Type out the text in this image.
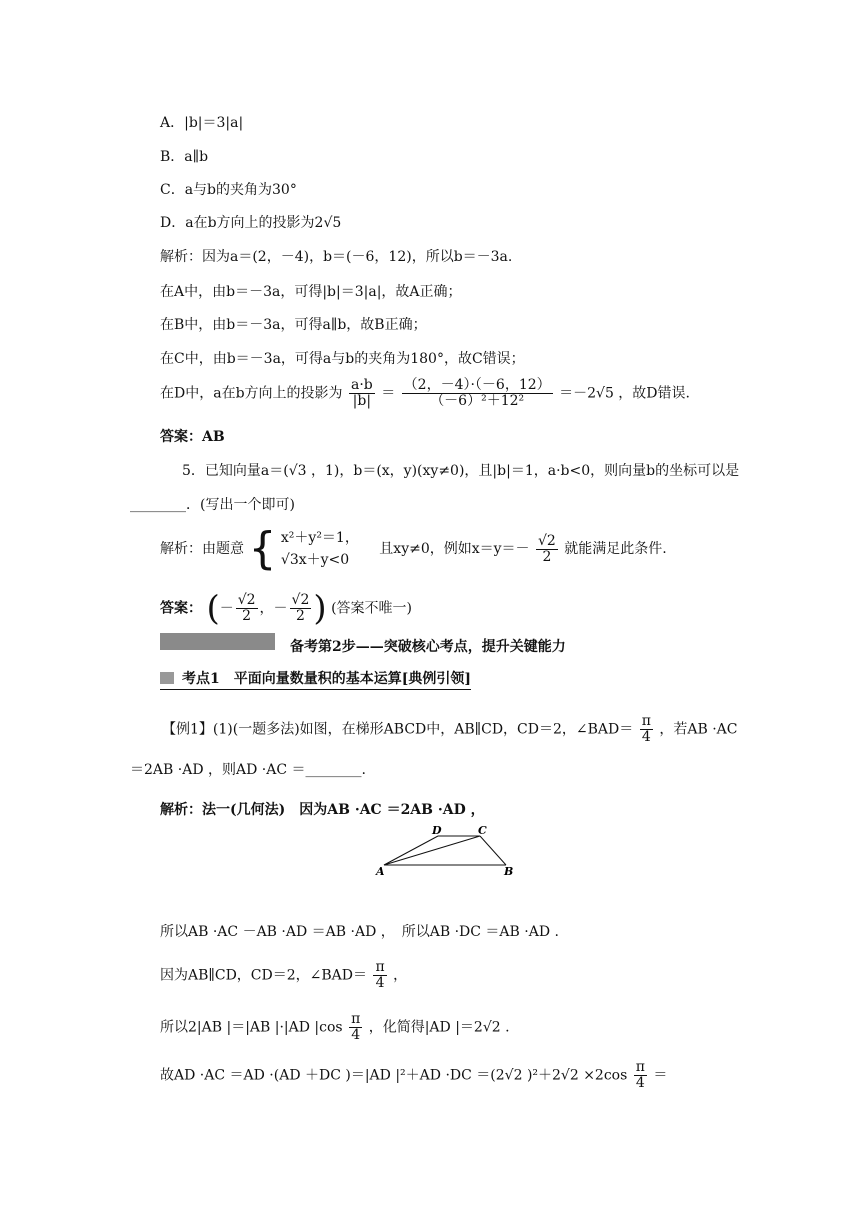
A．|b|＝3|a|
B．a∥b
C．a与b的夹角为30°
D．a在b方向上的投影为2√5
解析：因为a＝(2，－4)，b＝(－6，12)，所以b＝－3a.
在A中，由b＝－3a，可得|b|＝3|a|，故A正确；
在B中，由b＝－3a，可得a∥b，故B正确；
在C中，由b＝－3a，可得a与b的夹角为180°，故C错误；
在D中，a在b方向上的投影为 $\frac{a\cdot b}{|b|} = \frac{(2,-4)\cdot(-6,12)}{\text{（－6）²＋12²}} =-2√5$ ，故D错误.
答案：AB
5．已知向量a＝(√3 ，1)，b＝(x，y)(xy≠0)，且|b|＝1，a·b<0，则向量b的坐标可以是
________．(写出一个即可)
解析：由题意 { x²＋y²＝1，
√3x＋y<0
且xy≠0，例如$x=y=- \frac{√2}{2}$ 就能满足此条件.
答案： (－ $\frac{√2}{2}$ ，－ $\frac{√2}{2}$ ) (答案不唯一)
备考第2步——突破核心考点，提升关键能力
考点1　平面向量数量积的基本运算[典例引领]
【例1】(1)(一题多法)如图，在梯形ABCD中，AB∥CD，CD＝2，∠BAD＝ $\frac{\pi}{4}$ ，若AB ·AC
＝2AB ·AD ，则AD ·AC ＝________.
解析：法一(几何法)　因为AB ·AC ＝2AB ·AD ，
D	C
A	B
所以AB ·AC －AB ·AD ＝AB ·AD ，　所以AB ·DC ＝AB ·AD .
因为AB∥CD，CD＝2，∠BAD＝ $\frac{\pi}{4}$ ，
所以2|AB |＝|AB |·|AD $|\cos \frac{\pi}{4}$ ，化简得|AD |＝2√2 .
故AD ·AC ＝AD ·(AD ＋DC )＝|AD |²＋AD ·DC ＝(2√2 )$^2+2√2 \times 2\cos \frac{\pi}{4}$ ＝
